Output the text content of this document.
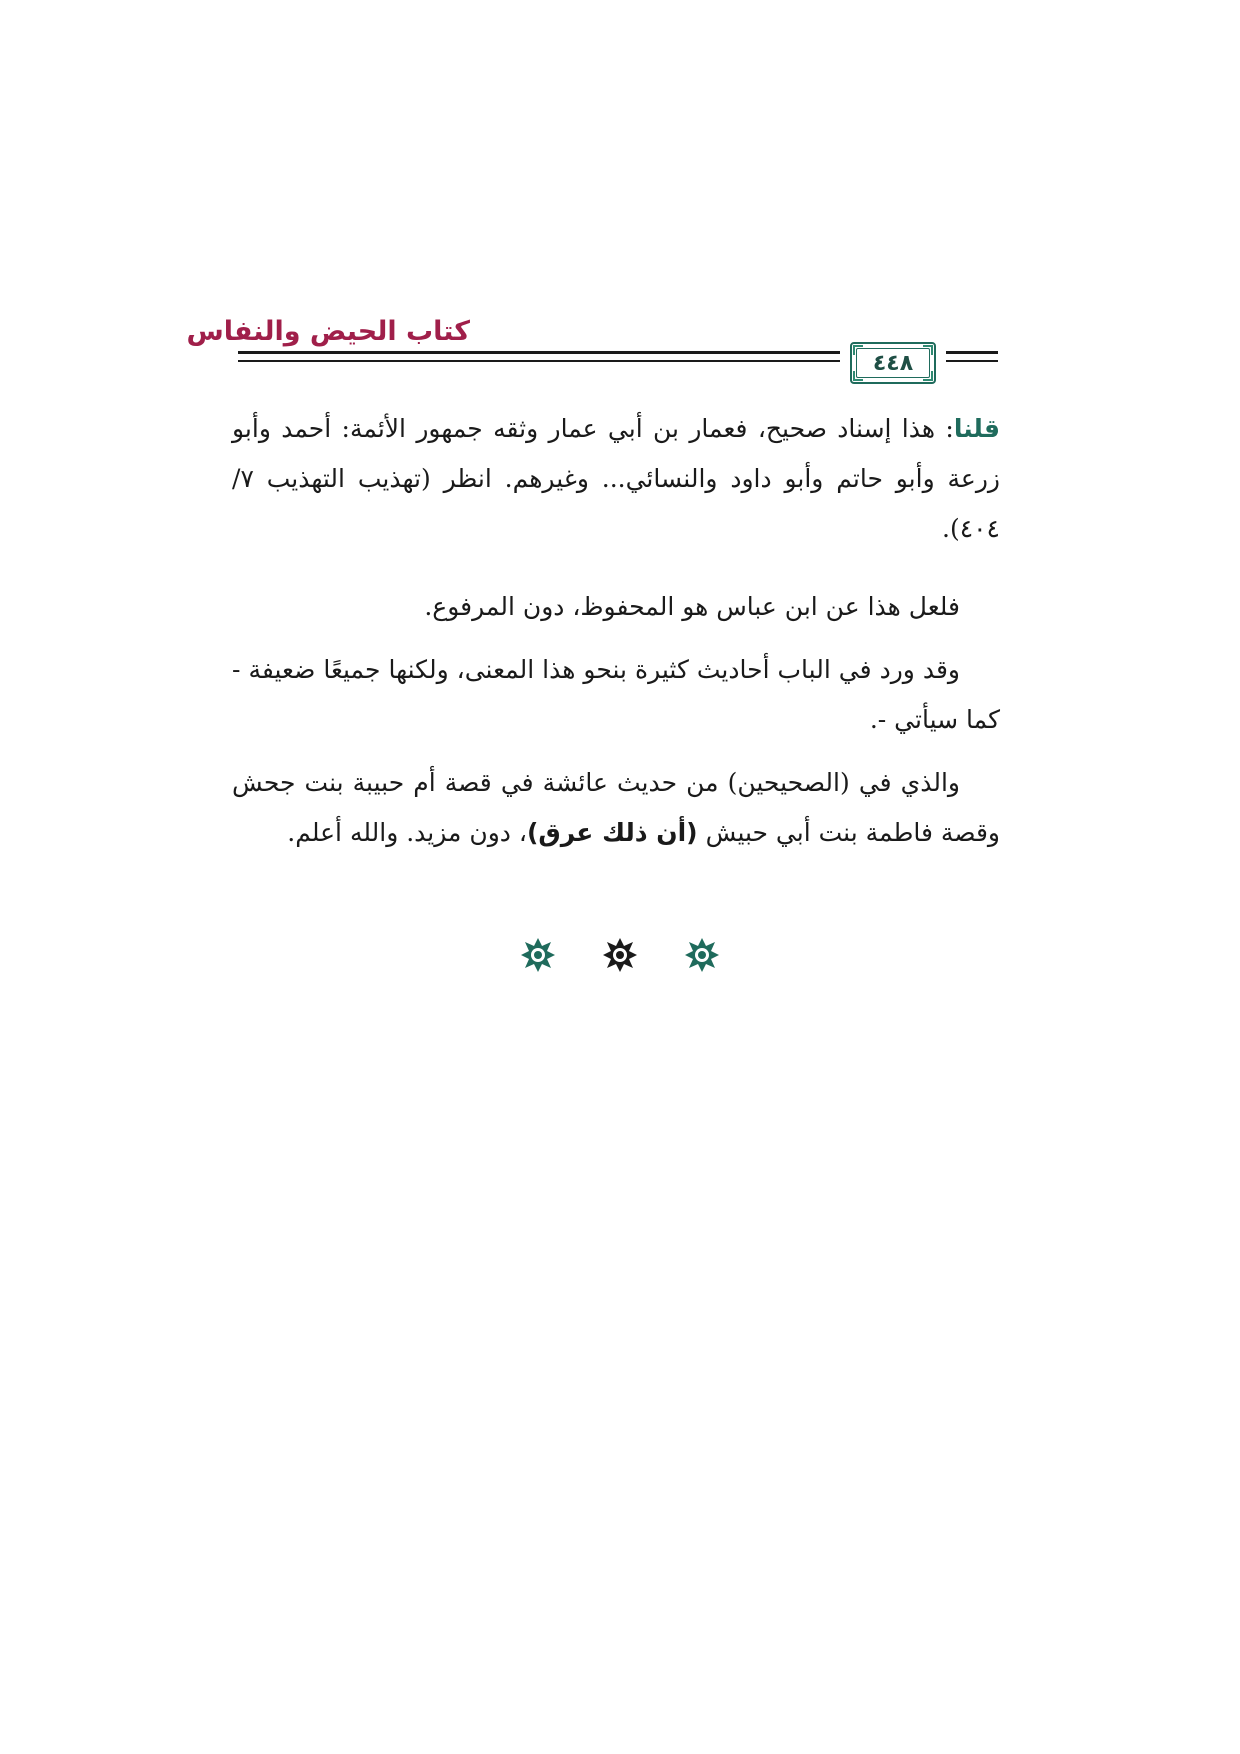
كتاب الحيض والنفاس
٤٤٨

قلنا: هذا إسناد صحيح، فعمار بن أبي عمار وثقه جمهور الأئمة: أحمد وأبو زرعة وأبو حاتم وأبو داود والنسائي... وغيرهم. انظر (تهذيب التهذيب ٧/ ٤٠٤).

فلعل هذا عن ابن عباس هو المحفوظ، دون المرفوع.

وقد ورد في الباب أحاديث كثيرة بنحو هذا المعنى، ولكنها جميعًا ضعيفة - كما سيأتي -.

والذي في (الصحيحين) من حديث عائشة في قصة أم حبيبة بنت جحش وقصة فاطمة بنت أبي حبيش (أن ذلك عرق)، دون مزيد. والله أعلم.
